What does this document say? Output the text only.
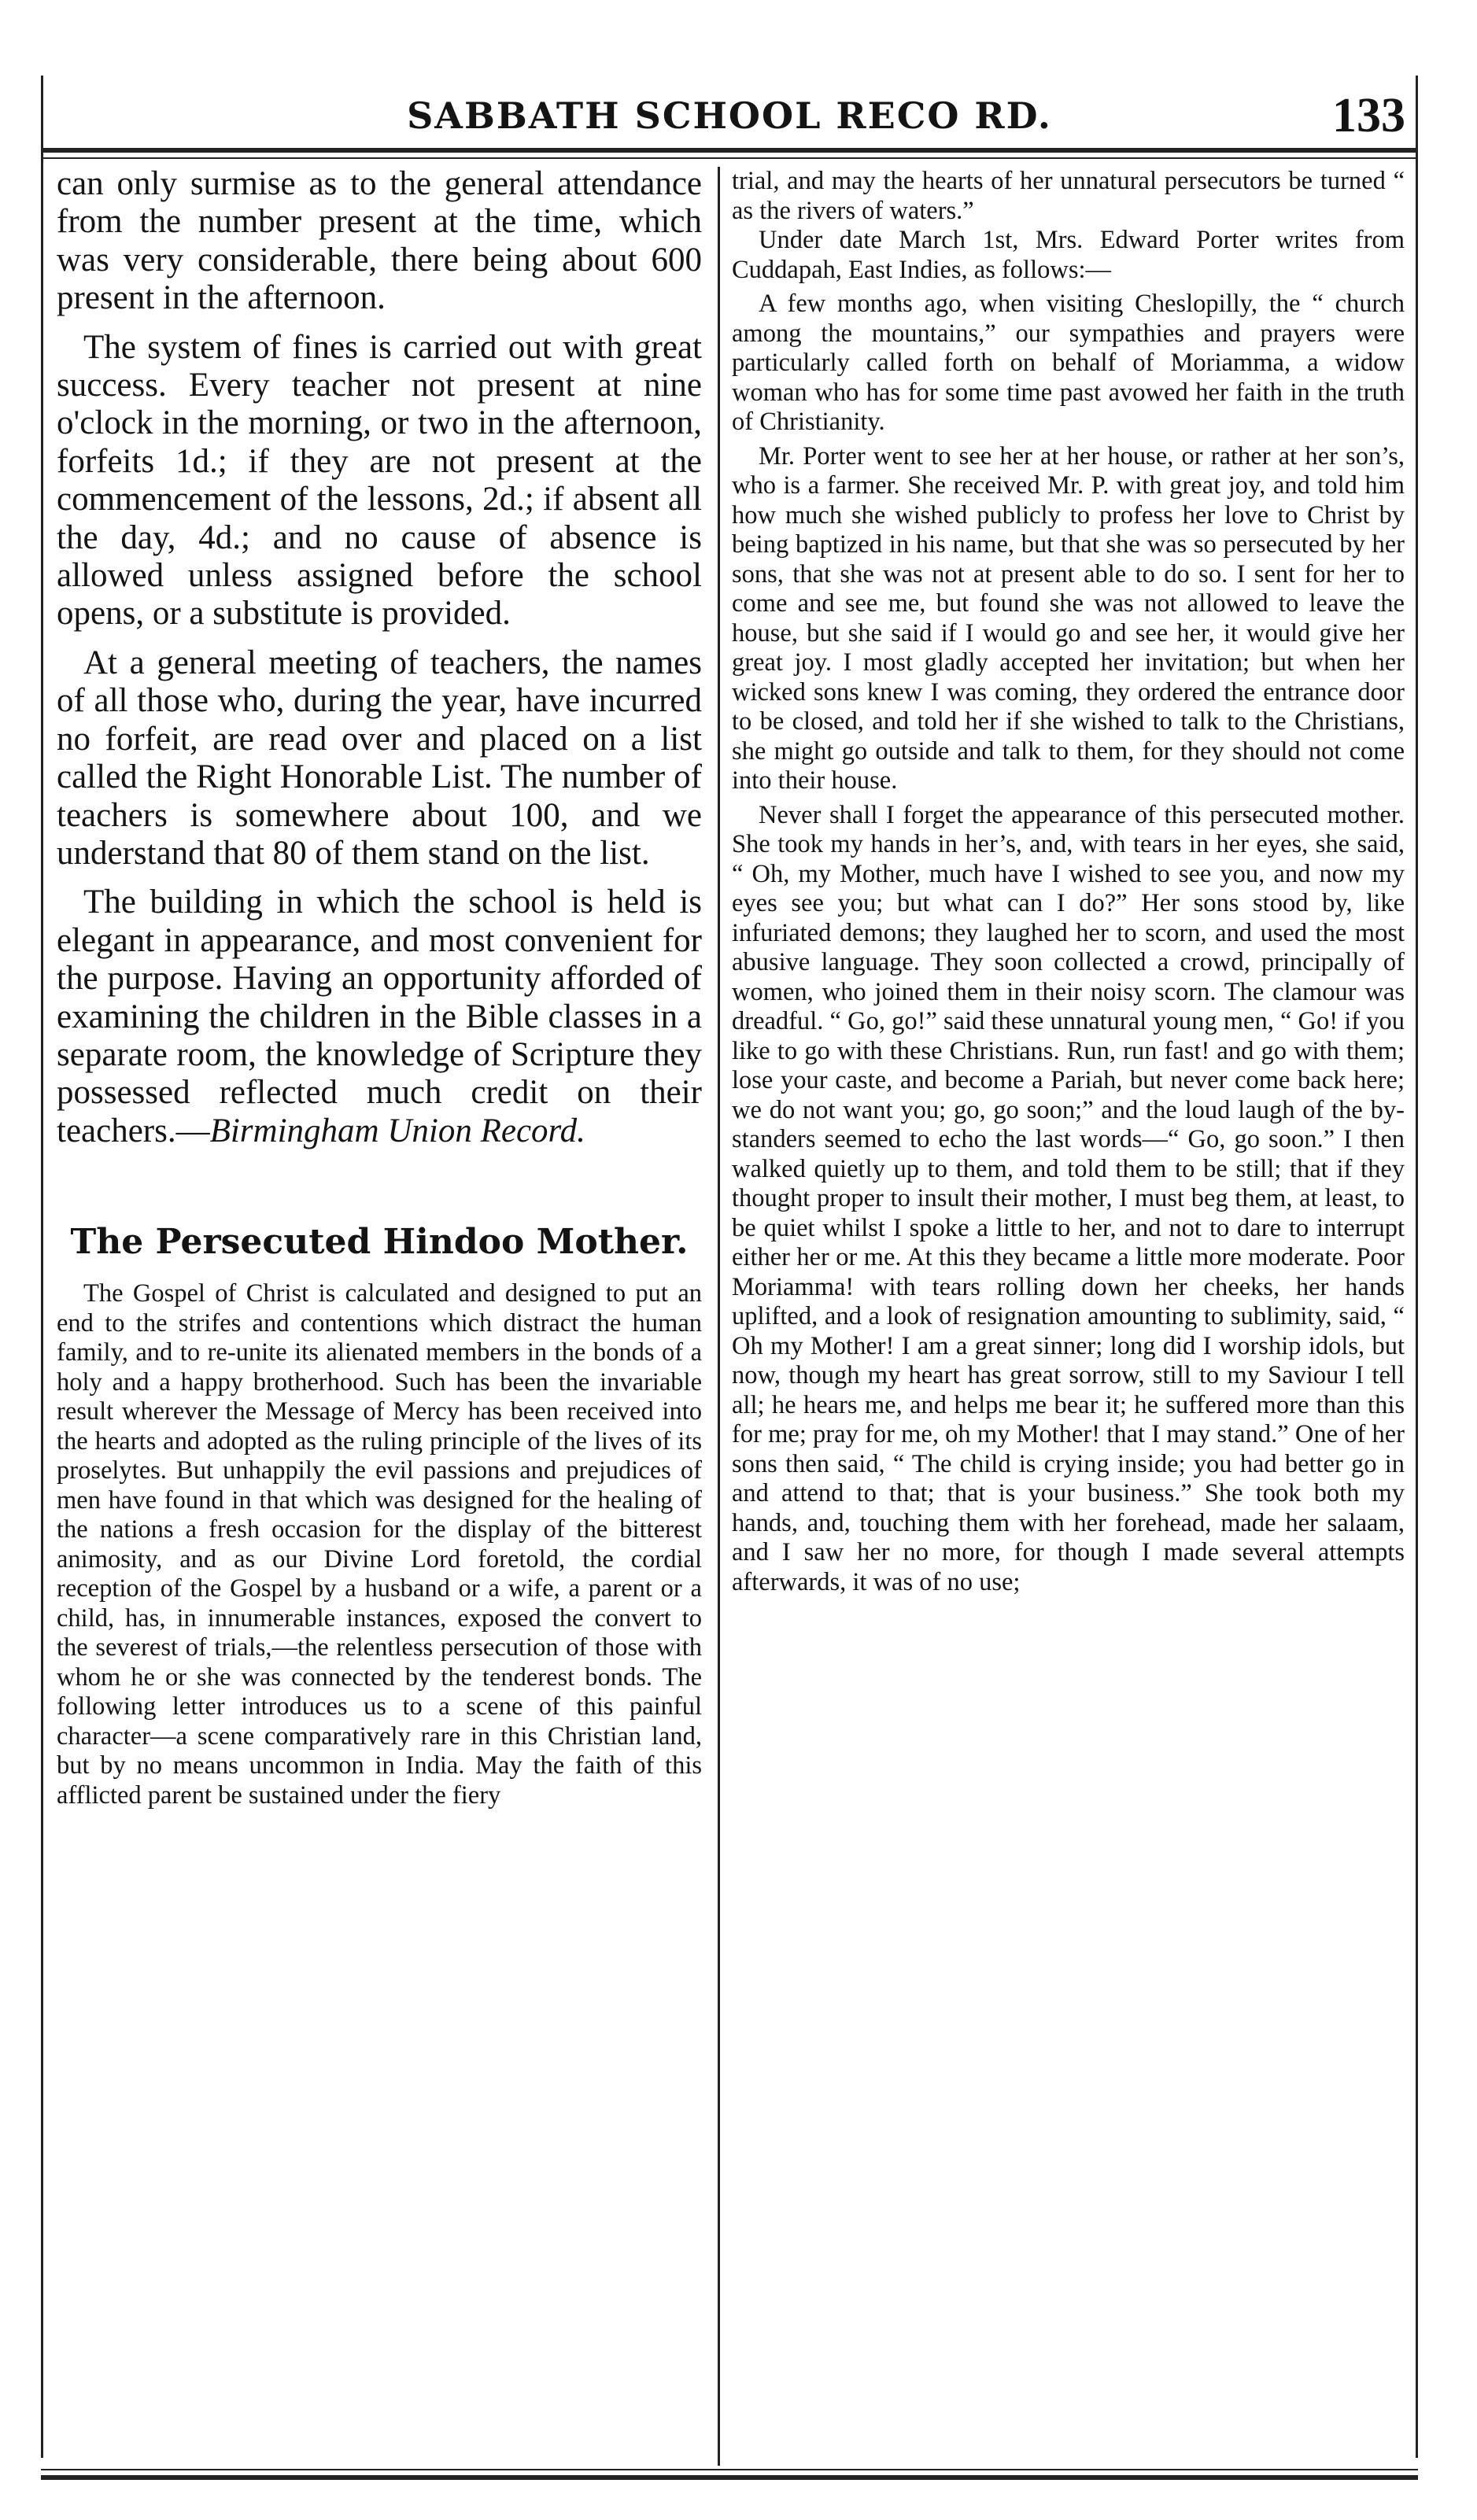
SABBATH SCHOOL RECO RD.	133

can only surmise as to the general attendance from the number present at the time, which was very considerable, there being about 600 present in the afternoon.

The system of fines is carried out with great success. Every teacher not present at nine o'clock in the morning, or two in the afternoon, forfeits 1d.; if they are not present at the commencement of the lessons, 2d.; if absent all the day, 4d.; and no cause of absence is allowed unless assigned before the school opens, or a substitute is provided.

At a general meeting of teachers, the names of all those who, during the year, have incurred no forfeit, are read over and placed on a list called the Right Honorable List. The number of teachers is somewhere about 100, and we understand that 80 of them stand on the list.

The building in which the school is held is elegant in appearance, and most convenient for the purpose. Having an opportunity afforded of examining the children in the Bible classes in a separate room, the knowledge of Scripture they possessed reflected much credit on their teachers.—Birmingham Union Record.

The Persecuted Hindoo Mother.

The Gospel of Christ is calculated and designed to put an end to the strifes and contentions which distract the human family, and to re-unite its alienated members in the bonds of a holy and a happy brotherhood. Such has been the invariable result wherever the Message of Mercy has been received into the hearts and adopted as the ruling principle of the lives of its proselytes. But unhappily the evil passions and prejudices of men have found in that which was designed for the healing of the nations a fresh occasion for the display of the bitterest animosity, and as our Divine Lord foretold, the cordial reception of the Gospel by a husband or a wife, a parent or a child, has, in innumerable instances, exposed the convert to the severest of trials,—the relentless persecution of those with whom he or she was connected by the tenderest bonds. The following letter introduces us to a scene of this painful character—a scene comparatively rare in this Christian land, but by no means uncommon in India. May the faith of this afflicted parent be sustained under the fiery

trial, and may the hearts of her unnatural persecutors be turned “ as the rivers of waters.”

Under date March 1st, Mrs. Edward Porter writes from Cuddapah, East Indies, as follows:—

A few months ago, when visiting Cheslopilly, the “ church among the mountains,” our sympathies and prayers were particularly called forth on behalf of Moriamma, a widow woman who has for some time past avowed her faith in the truth of Christianity.

Mr. Porter went to see her at her house, or rather at her son’s, who is a farmer. She received Mr. P. with great joy, and told him how much she wished publicly to profess her love to Christ by being baptized in his name, but that she was so persecuted by her sons, that she was not at present able to do so. I sent for her to come and see me, but found she was not allowed to leave the house, but she said if I would go and see her, it would give her great joy. I most gladly accepted her invitation; but when her wicked sons knew I was coming, they ordered the entrance door to be closed, and told her if she wished to talk to the Christians, she might go outside and talk to them, for they should not come into their house.

Never shall I forget the appearance of this persecuted mother. She took my hands in her’s, and, with tears in her eyes, she said, “ Oh, my Mother, much have I wished to see you, and now my eyes see you; but what can I do?” Her sons stood by, like infuriated demons; they laughed her to scorn, and used the most abusive language. They soon collected a crowd, principally of women, who joined them in their noisy scorn. The clamour was dreadful. “ Go, go!” said these unnatural young men, “ Go! if you like to go with these Christians. Run, run fast! and go with them; lose your caste, and become a Pariah, but never come back here; we do not want you; go, go soon;” and the loud laugh of the by-standers seemed to echo the last words—“ Go, go soon.” I then walked quietly up to them, and told them to be still; that if they thought proper to insult their mother, I must beg them, at least, to be quiet whilst I spoke a little to her, and not to dare to interrupt either her or me. At this they became a little more moderate. Poor Moriamma! with tears rolling down her cheeks, her hands uplifted, and a look of resignation amounting to sublimity, said, “ Oh my Mother! I am a great sinner; long did I worship idols, but now, though my heart has great sorrow, still to my Saviour I tell all; he hears me, and helps me bear it; he suffered more than this for me; pray for me, oh my Mother! that I may stand.” One of her sons then said, “ The child is crying inside; you had better go in and attend to that; that is your business.” She took both my hands, and, touching them with her forehead, made her salaam, and I saw her no more, for though I made several attempts afterwards, it was of no use;
